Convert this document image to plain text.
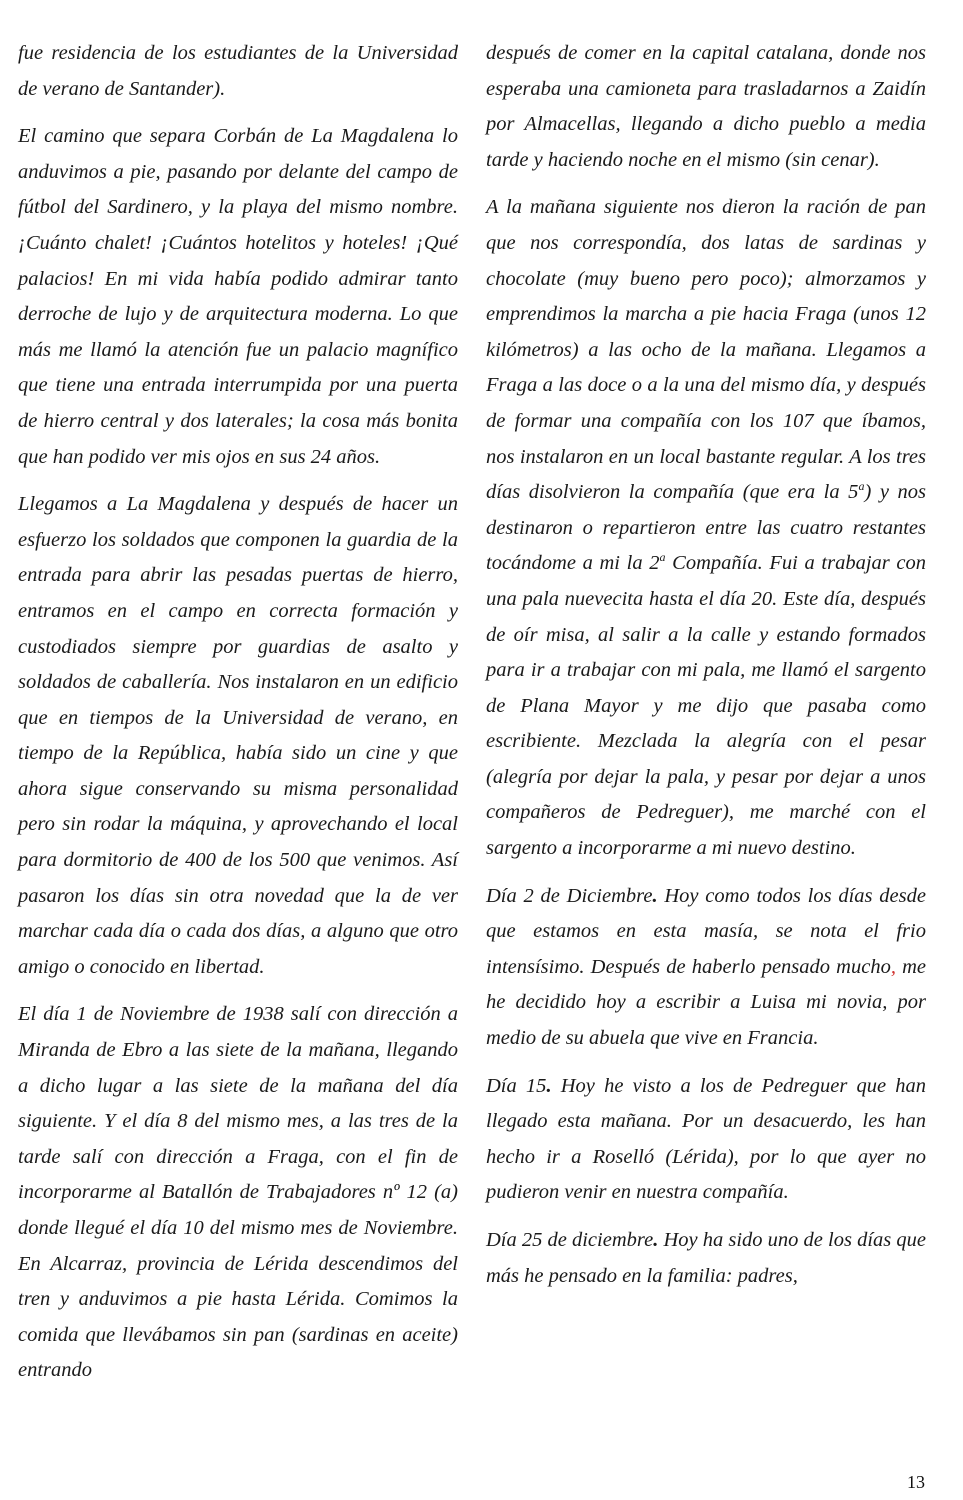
fue residencia de los estudiantes de la Universidad de verano de Santander).

El camino que separa Corbán de La Magdalena lo anduvimos a pie, pasando por delante del campo de fútbol del Sardinero, y la playa del mismo nombre. ¡Cuánto chalet! ¡Cuántos hotelitos y hoteles! ¡Qué palacios! En mi vida había podido admirar tanto derroche de lujo y de arquitectura moderna. Lo que más me llamó la atención fue un palacio magnífico que tiene una entrada interrumpida por una puerta de hierro central y dos laterales; la cosa más bonita que han podido ver mis ojos en sus 24 años.

Llegamos a La Magdalena y después de hacer un esfuerzo los soldados que componen la guardia de la entrada para abrir las pesadas puertas de hierro, entramos en el campo en correcta formación y custodiados siempre por guardias de asalto y soldados de caballería. Nos instalaron en un edificio que en tiempos de la Universidad de verano, en tiempo de la República, había sido un cine y que ahora sigue conservando su misma personalidad pero sin rodar la máquina, y aprovechando el local para dormitorio de 400 de los 500 que venimos. Así pasaron los días sin otra novedad que la de ver marchar cada día o cada dos días, a alguno que otro amigo o conocido en libertad.

El día 1 de Noviembre de 1938 salí con dirección a Miranda de Ebro a las siete de la mañana, llegando a dicho lugar a las siete de la mañana del día siguiente. Y el día 8 del mismo mes, a las tres de la tarde salí con dirección a Fraga, con el fin de incorporarme al Batallón de Trabajadores nº 12 (a) donde llegué el día 10 del mismo mes de Noviembre. En Alcarraz, provincia de Lérida descendimos del tren y anduvimos a pie hasta Lérida. Comimos la comida que llevábamos sin pan (sardinas en aceite) entrando

después de comer en la capital catalana, donde nos esperaba una camioneta para trasladarnos a Zaidín por Almacellas, llegando a dicho pueblo a media tarde y haciendo noche en el mismo (sin cenar).

A la mañana siguiente nos dieron la ración de pan que nos correspondía, dos latas de sardinas y chocolate (muy bueno pero poco); almorzamos y emprendimos la marcha a pie hacia Fraga (unos 12 kilómetros) a las ocho de la mañana. Llegamos a Fraga a las doce o a la una del mismo día, y después de formar una compañía con los 107 que íbamos, nos instalaron en un local bastante regular. A los tres días disolvieron la compañía (que era la 5$^a$) y nos destinaron o repartieron entre las cuatro restantes tocándome a mi la 2$^a$ Compañía. Fui a trabajar con una pala nuevecita hasta el día 20. Este día, después de oír misa, al salir a la calle y estando formados para ir a trabajar con mi pala, me llamó el sargento de Plana Mayor y me dijo que pasaba como escribiente. Mezclada la alegría con el pesar (alegría por dejar la pala, y pesar por dejar a unos compañeros de Pedreguer), me marché con el sargento a incorporarme a mi nuevo destino.

Día 2 de Diciembre. Hoy como todos los días desde que estamos en esta masía, se nota el frio intensísimo. Después de haberlo pensado mucho, me he decidido hoy a escribir a Luisa mi novia, por medio de su abuela que vive en Francia.

Día 15. Hoy he visto a los de Pedreguer que han llegado esta mañana. Por un desacuerdo, les han hecho ir a Roselló (Lérida), por lo que ayer no pudieron venir en nuestra compañía.

Día 25 de diciembre. Hoy ha sido uno de los días que más he pensado en la familia: padres,

13
